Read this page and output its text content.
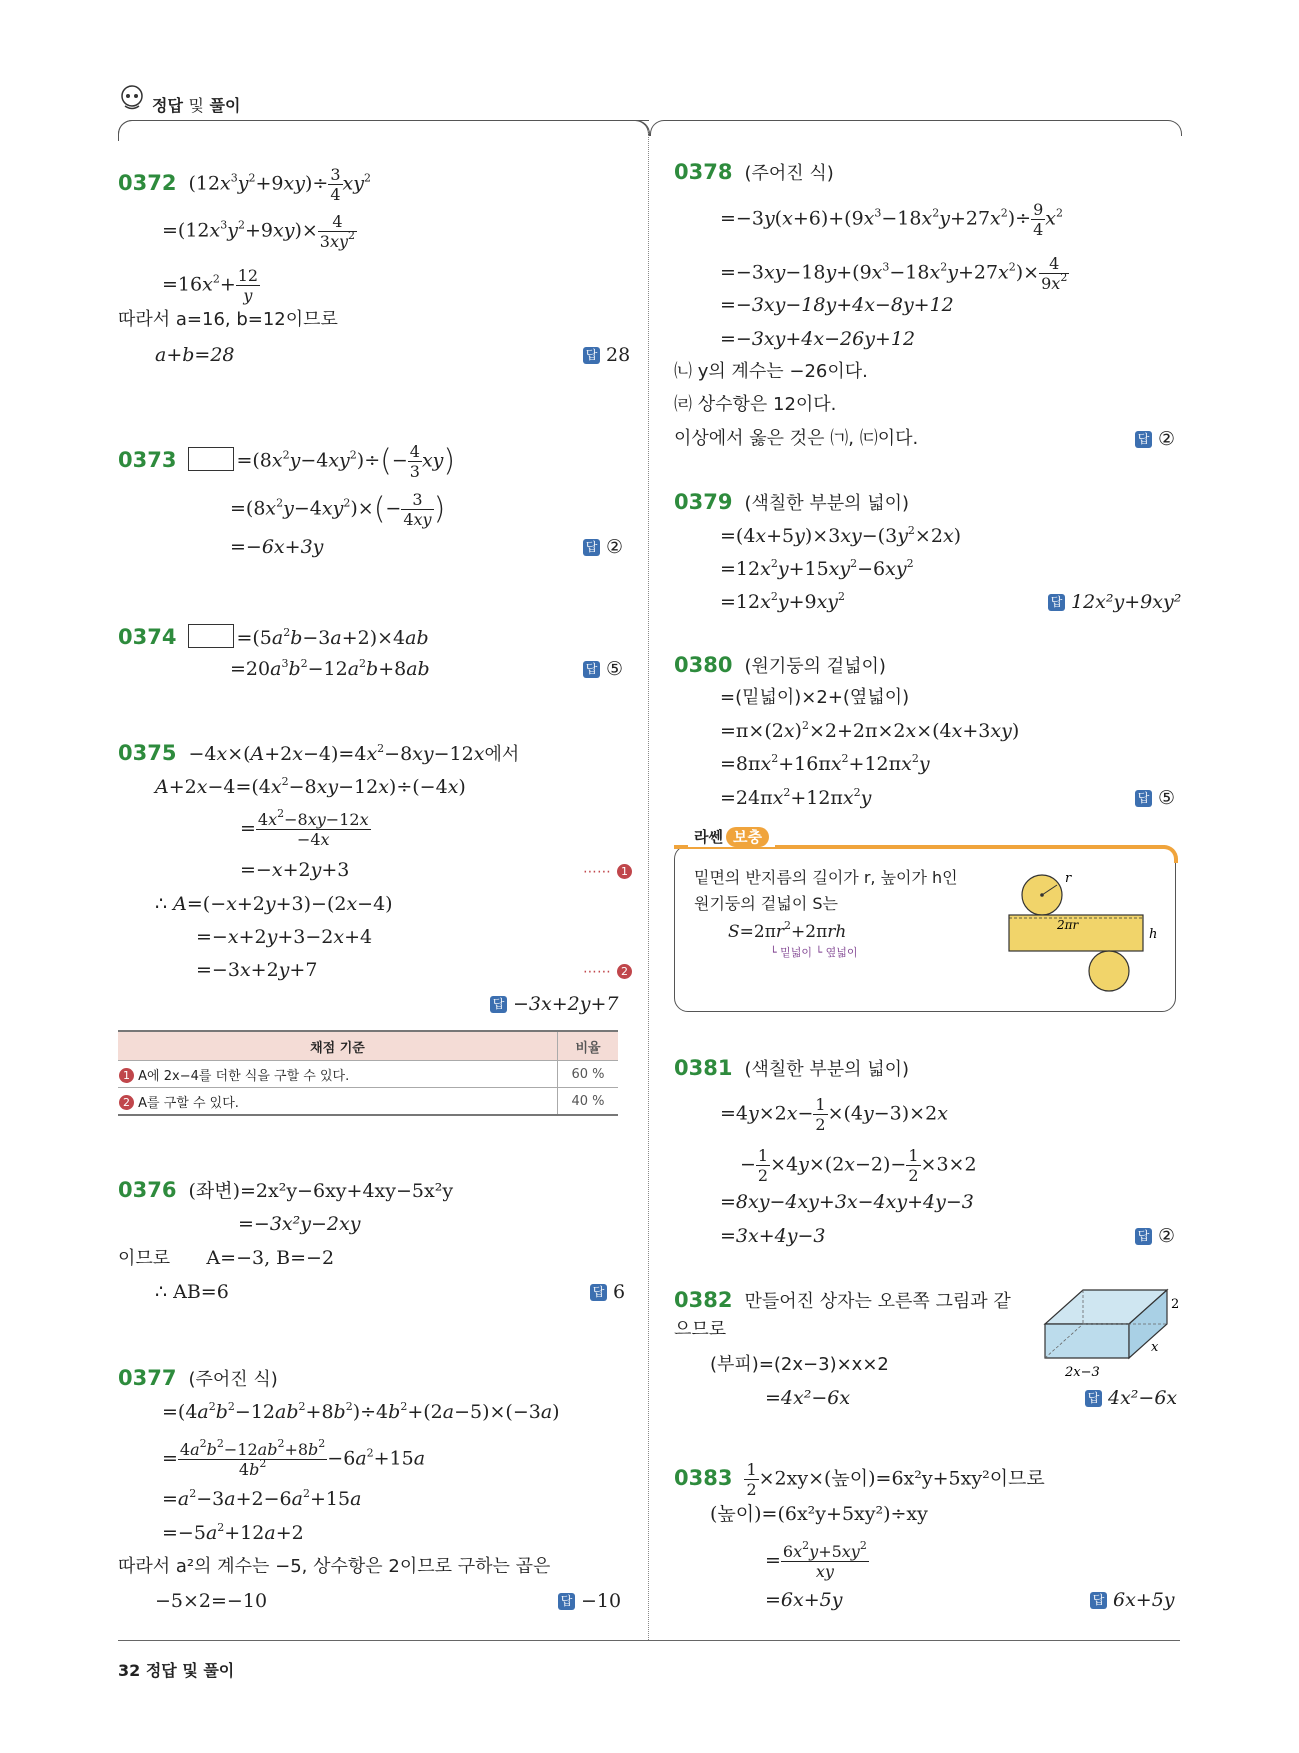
정답 및 풀이
0372 $(12x^3y^2+9xy)\div \frac{3}{4} xy^2$
$=(12x^3y^2+9xy)\times \frac{4}{3xy^2}$
$=16x^2+ \frac{12}{y}$
따라서 a=16, b=12이므로
a+b=28	답 28
0373	$=(8x^2y-4xy^2)\div(- \frac{4}{3} xy)$
$=(8x^2y-4xy^2)\times(- \frac{3}{4xy}$ )
=−6x+3y	답 ②
0374	$=(5a^2b-3a+2)\times 4ab$
$=20a^3b^2-12a^2b+8ab$	답 ⑤
$0375 -4x\times(A+2x-4)=4x^2-8xy-12x$에서
$A+2x-4=(4x^2-8xy-12x)\div(-4x)$
= $\frac{4x^2-8xy-12x}{-4x}$
=−x+2y+3	⋯⋯ 1
∴ A=(−x+2y+3)−(2x−4)
=−x+2y+3−2x+4
=−3x+2y+7	⋯⋯ 2
답 −3x+2y+7
채점 기준	비율
1 A에 2x−4를 더한 식을 구할 수 있다.	60 %
2 A를 구할 수 있다.	40 %
0376 (좌변)=2x²y−6xy+4xy−5x²y
=−3x²y−2xy
이므로 A=−3, B=−2
∴ AB=6	답 6
0377 (주어진 식)
$=(4a^2b^2-12ab^2+8b^2)\div 4b^2+(2a-5)\times(-3a)$
= $\frac{4a^2b^2-12ab^2+8b^2}{4b^2} -6a^2+15a$
$=a^2-3a+2-6a^2+15a$
$=-5a^2+12a+2$
따라서 a²의 계수는 −5, 상수항은 2이므로 구하는 곱은
−5×2=−10	답 −10
0378 (주어진 식)
$=-3y(x+6)+(9x^3-18x^2y+27x^2)\div \frac{9}{4} x^2$
$=-3xy-18y+(9x^3-18x^2y+27x^2)\times \frac{4}{9x^2}$
=−3xy−18y+4x−8y+12
=−3xy+4x−26y+12
㈁ y의 계수는 −26이다.
㈃ 상수항은 12이다.
이상에서 옳은 것은 ㈀, ㈂이다.	답 ②
0379 (색칠한 부분의 넓이)
$=(4x+5y)\times 3xy-(3y^2\times 2x)$
$=12x^2y+15xy^2-6xy^2$
$=12x^2y+9xy^2$	답 12x²y+9xy²
0380 (원기둥의 겉넓이)
=(밑넓이)×2+(옆넓이)
$=\pi\times(2x)^2\times 2+2\pi\times 2x\times(4x+3xy)$
$=8\pi x^2+16\pi x^2+12\pi x^2y$
$=24\pi x^2+12\pi x^2y$	답 ⑤
라쎈 보충
밑면의 반지름의 길이가 r, 높이가 h인
원기둥의 겉넓이 S는
$S=2\pi r^2+2\pi rh$
└ 밑넓이 └ 옆넓이
r
2πr
h
0381 (색칠한 부분의 넓이)
$=4y\times 2x- \frac{1}{2} \times(4y-3)\times 2x$
− $\frac{1}{2} \times 4y\times(2x-2)- \frac{1}{2} \times 3\times 2$
=8xy−4xy+3x−4xy+4y−3
=3x+4y−3	답 ②
0382 만들어진 상자는 오른쪽 그림과 같
으므로
(부피)=(2x−3)×x×2
=4x²−6x	답 4x²−6x
2
x
2x−3
$0383 \frac{1}{2} \times 2xy\times$(높이)=6x²y+5xy²이므로
(높이)=(6x²y+5xy²)÷xy
= $\frac{6x^2y+5xy^2}{xy}$
=6x+5y	답 6x+5y
32 정답 및 풀이
